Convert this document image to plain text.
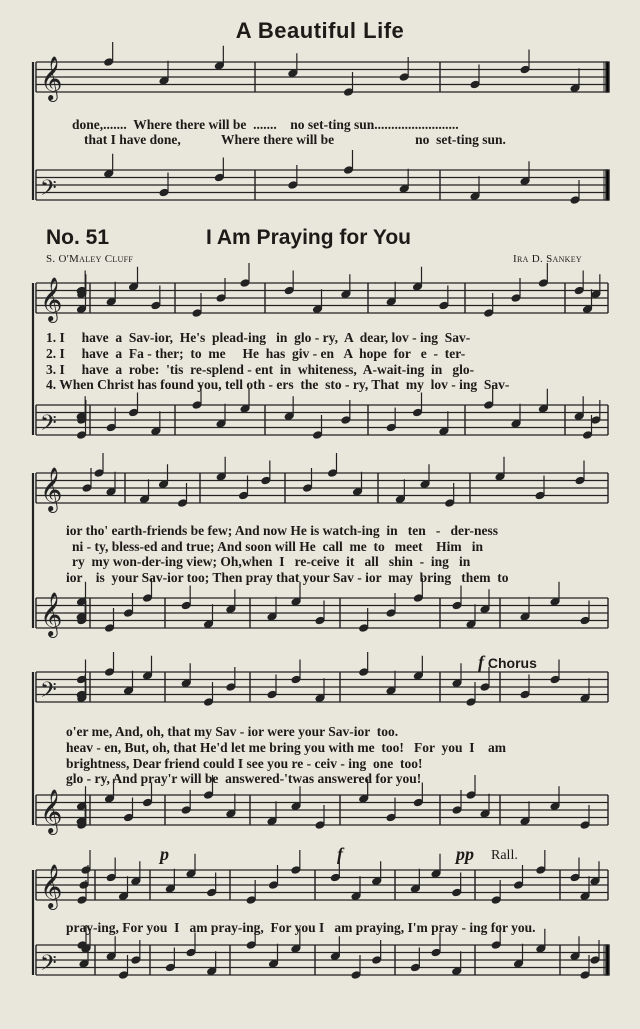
𝄞
𝄢
𝄞
𝄢
𝄞
𝄞
𝄢
𝄞
𝄞
𝄢
A Beautiful Life
done,.......  Where there will be  .......    no set-ting sun.........................
that I have done,            Where there will be                        no  set-ting sun.
No. 51	I Am Praying for You
S. O'Maley Cluff	Ira D. Sankey
1. I     have  a  Sav-ior,  He's  plead-ing   in  glo - ry,  A  dear, lov - ing  Sav-
2. I     have  a  Fa - ther;  to  me     He  has  giv - en   A  hope  for   e  -  ter-
3. I     have  a  robe:  'tis  re-splend - ent  in  whiteness,  A-wait-ing  in   glo-
4. When Christ has found you, tell oth - ers  the  sto - ry, That  my  lov - ing  Sav-
ior tho' earth-friends be few; And now He is watch-ing  in   ten   -   der-ness
ni - ty, bless-ed and true; And soon will He  call  me  to   meet    Him   in
ry  my won-der-ing view; Oh,when  I   re-ceive  it   all   shin  -  ing   in
ior    is  your Sav-ior too; Then pray that your Sav - ior  may  bring   them  to
f Chorus
o'er me, And, oh, that my Sav - ior were your Sav-ior  too.
heav - en, But, oh, that He'd let me bring you with me  too!   For  you  I    am
brightness, Dear friend could I see you re - ceiv - ing  one  too!
glo - ry, And pray'r will be  answered-'twas answered for you!
p	f	pp Rall.
pray-ing, For you  I   am pray-ing,  For you I   am praying, I'm pray - ing for you.
